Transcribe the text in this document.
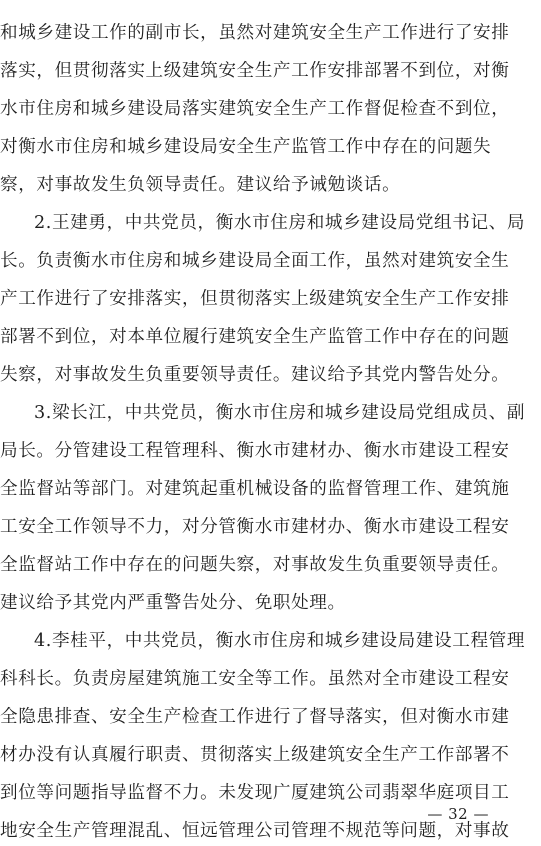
和城乡建设工作的副市长，虽然对建筑安全生产工作进行了安排
落实，但贯彻落实上级建筑安全生产工作安排部署不到位，对衡
水市住房和城乡建设局落实建筑安全生产工作督促检查不到位，
对衡水市住房和城乡建设局安全生产监管工作中存在的问题失
察，对事故发生负领导责任。建议给予诫勉谈话。
2.王建勇，中共党员，衡水市住房和城乡建设局党组书记、局
长。负责衡水市住房和城乡建设局全面工作，虽然对建筑安全生
产工作进行了安排落实，但贯彻落实上级建筑安全生产工作安排
部署不到位，对本单位履行建筑安全生产监管工作中存在的问题
失察，对事故发生负重要领导责任。建议给予其党内警告处分。
3.梁长江，中共党员，衡水市住房和城乡建设局党组成员、副
局长。分管建设工程管理科、衡水市建材办、衡水市建设工程安
全监督站等部门。对建筑起重机械设备的监督管理工作、建筑施
工安全工作领导不力，对分管衡水市建材办、衡水市建设工程安
全监督站工作中存在的问题失察，对事故发生负重要领导责任。
建议给予其党内严重警告处分、免职处理。
4.李桂平，中共党员，衡水市住房和城乡建设局建设工程管理
科科长。负责房屋建筑施工安全等工作。虽然对全市建设工程安
全隐患排查、安全生产检查工作进行了督导落实，但对衡水市建
材办没有认真履行职责、贯彻落实上级建筑安全生产工作部署不
到位等问题指导监督不力。未发现广厦建筑公司翡翠华庭项目工
地安全生产管理混乱、恒远管理公司管理不规范等问题，对事故
— 32 —
